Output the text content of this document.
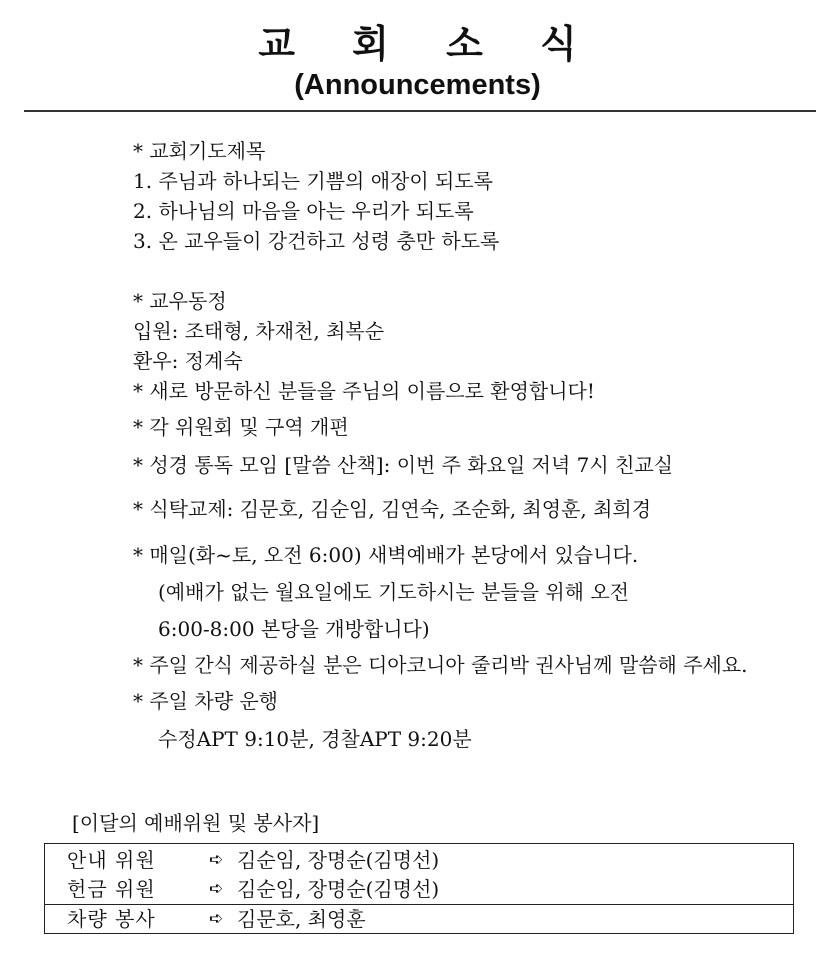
교 회 소 식
(Announcements)
* 교회기도제목
1. 주님과 하나되는 기쁨의 애장이 되도록
2. 하나님의 마음을 아는 우리가 되도록
3. 온 교우들이 강건하고 성령 충만 하도록
* 교우동정
입원: 조태형, 차재천, 최복순
환우: 정계숙
* 새로 방문하신 분들을 주님의 이름으로 환영합니다!
* 각 위원회 및 구역 개편
* 성경 통독 모임 [말씀 산책]: 이번 주 화요일 저녁 7시 친교실
* 식탁교제: 김문호, 김순임, 김연숙, 조순화, 최영훈, 최희경
* 매일(화~토, 오전 6:00) 새벽예배가 본당에서 있습니다.
(예배가 없는 월요일에도 기도하시는 분들을 위해 오전
6:00-8:00 본당을 개방합니다)
* 주일 간식 제공하실 분은 디아코니아 줄리박 권사님께 말씀해 주세요.
* 주일 차량 운행
수정APT 9:10분, 경찰APT 9:20분
[이달의 예배위원 및 봉사자]
안내 위원	➪ 김순임, 장명순(김명선)
헌금 위원	➪ 김순임, 장명순(김명선)
차량 봉사	➪ 김문호, 최영훈
